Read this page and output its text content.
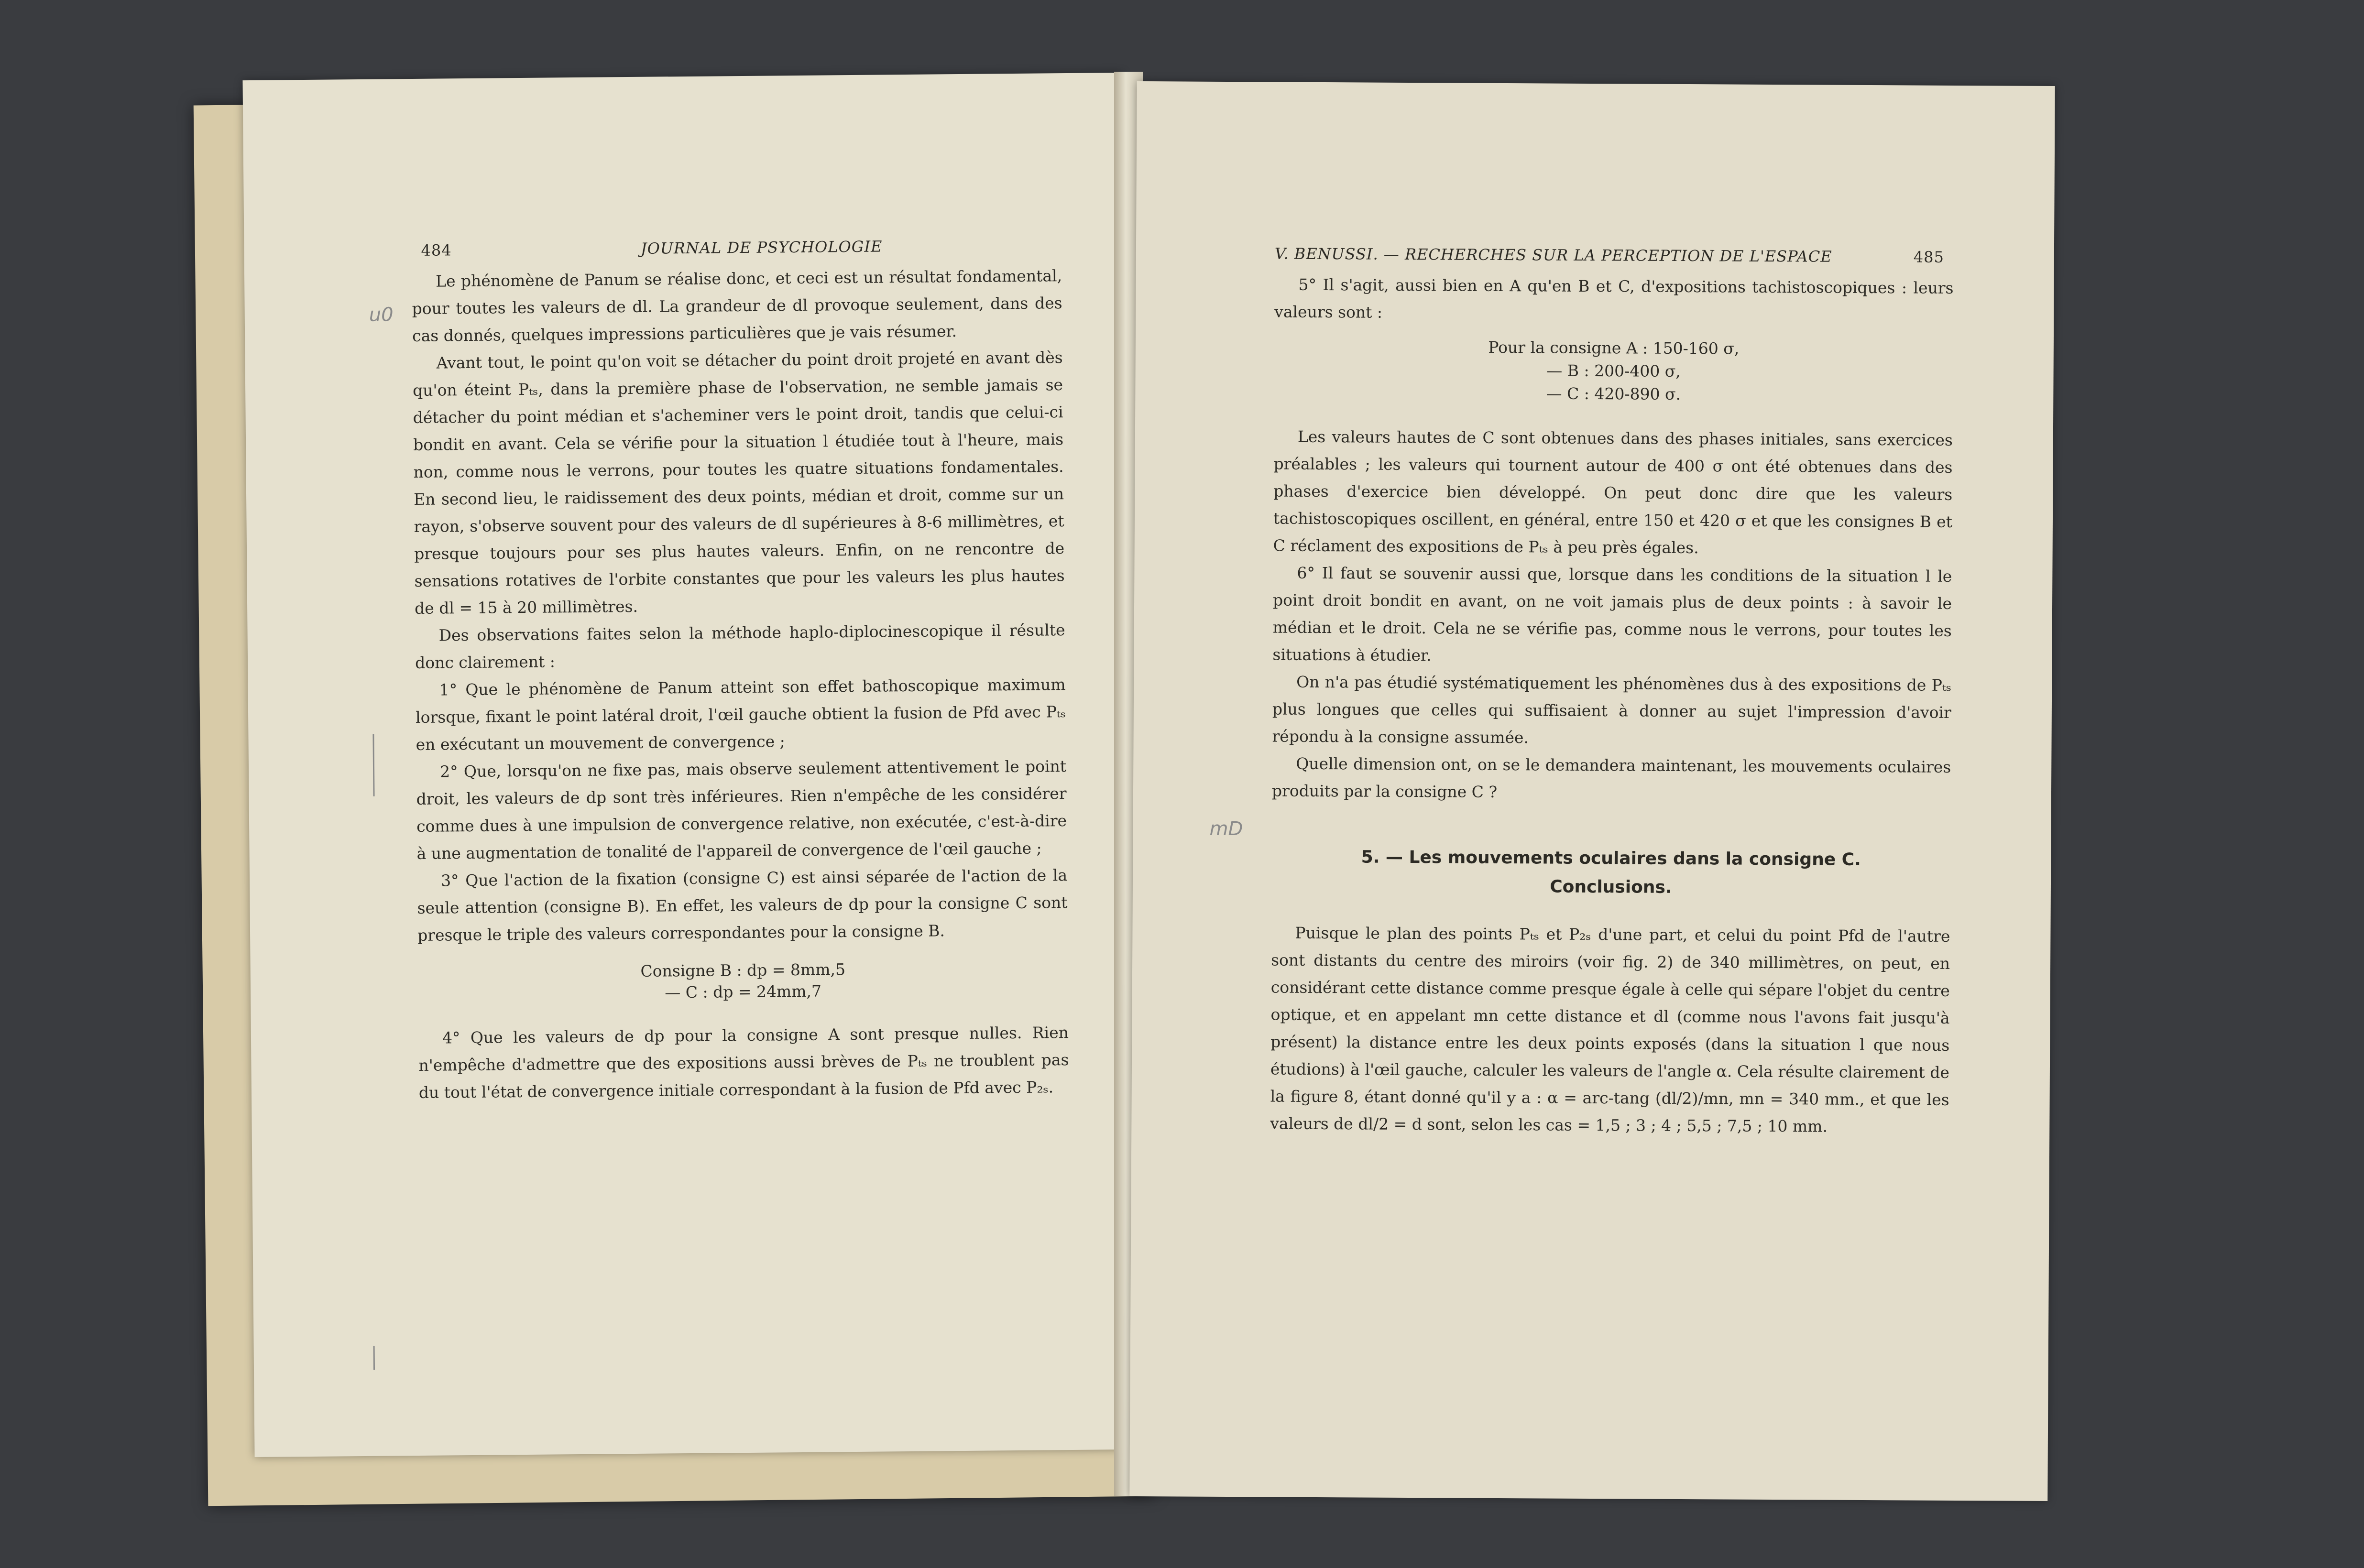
484	JOURNAL DE PSYCHOLOGIE
u0

Le phénomène de Panum se réalise donc, et ceci est un résultat fondamental, pour toutes les valeurs de dl. La grandeur de dl provoque seulement, dans des cas donnés, quelques impressions particulières que je vais résumer.

Avant tout, le point qu'on voit se détacher du point droit projeté en avant dès qu'on éteint Pₜₛ, dans la première phase de l'observation, ne semble jamais se détacher du point médian et s'acheminer vers le point droit, tandis que celui-ci bondit en avant. Cela se vérifie pour la situation l étudiée tout à l'heure, mais non, comme nous le verrons, pour toutes les quatre situations fondamentales. En second lieu, le raidissement des deux points, médian et droit, comme sur un rayon, s'observe souvent pour des valeurs de dl supérieures à 8-6 millimètres, et presque toujours pour ses plus hautes valeurs. Enfin, on ne rencontre de sensations rotatives de l'orbite constantes que pour les valeurs les plus hautes de dl = 15 à 20 millimètres.

Des observations faites selon la méthode haplo-diplocinescopique il résulte donc clairement :

1° Que le phénomène de Panum atteint son effet bathoscopique maximum lorsque, fixant le point latéral droit, l'œil gauche obtient la fusion de Pfd avec Pₜₛ en exécutant un mouvement de convergence ;

2° Que, lorsqu'on ne fixe pas, mais observe seulement attentivement le point droit, les valeurs de dp sont très inférieures. Rien n'empêche de les considérer comme dues à une impulsion de convergence relative, non exécutée, c'est-à-dire à une augmentation de tonalité de l'appareil de convergence de l'œil gauche ;

3° Que l'action de la fixation (consigne C) est ainsi séparée de l'action de la seule attention (consigne B). En effet, les valeurs de dp pour la consigne C sont presque le triple des valeurs correspondantes pour la consigne B.

Consigne B : dp = 8mm,5
— C : dp = 24mm,7

4° Que les valeurs de dp pour la consigne A sont presque nulles. Rien n'empêche d'admettre que des expositions aussi brèves de Pₜₛ ne troublent pas du tout l'état de convergence initiale correspondant à la fusion de Pfd avec P₂ₛ.

V. BENUSSI. — RECHERCHES SUR LA PERCEPTION DE L'ESPACE	485
mD

5° Il s'agit, aussi bien en A qu'en B et C, d'expositions tachistoscopiques : leurs valeurs sont :

Pour la consigne A : 150-160 σ,
— B : 200-400 σ,
— C : 420-890 σ.

Les valeurs hautes de C sont obtenues dans des phases initiales, sans exercices préalables ; les valeurs qui tournent autour de 400 σ ont été obtenues dans des phases d'exercice bien développé. On peut donc dire que les valeurs tachistoscopiques oscillent, en général, entre 150 et 420 σ et que les consignes B et C réclament des expositions de Pₜₛ à peu près égales.

6° Il faut se souvenir aussi que, lorsque dans les conditions de la situation l le point droit bondit en avant, on ne voit jamais plus de deux points : à savoir le médian et le droit. Cela ne se vérifie pas, comme nous le verrons, pour toutes les situations à étudier.

On n'a pas étudié systématiquement les phénomènes dus à des expositions de Pₜₛ plus longues que celles qui suffisaient à donner au sujet l'impression d'avoir répondu à la consigne assumée.

Quelle dimension ont, on se le demandera maintenant, les mouvements oculaires produits par la consigne C ?

5. — Les mouvements oculaires dans la consigne C.
Conclusions.

Puisque le plan des points Pₜₛ et P₂ₛ d'une part, et celui du point Pfd de l'autre sont distants du centre des miroirs (voir fig. 2) de 340 millimètres, on peut, en considérant cette distance comme presque égale à celle qui sépare l'objet du centre optique, et en appelant mn cette distance et dl (comme nous l'avons fait jusqu'à présent) la distance entre les deux points exposés (dans la situation l que nous étudions) à l'œil gauche, calculer les valeurs de l'angle α. Cela résulte clairement de la figure 8, étant donné qu'il y a : α = arc-tang (dl/2)/mn, mn = 340 mm., et que les valeurs de dl/2 = d sont, selon les cas = 1,5 ; 3 ; 4 ; 5,5 ; 7,5 ; 10 mm.
